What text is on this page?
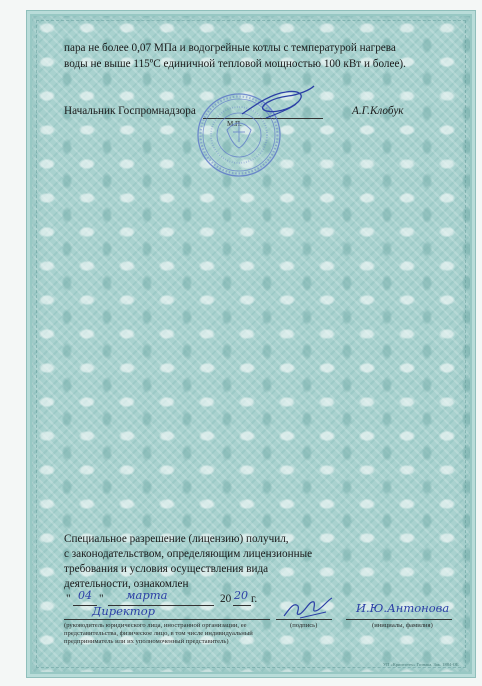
пара не более 0,07 МПа и водогрейные котлы с температурой нагрева
воды не выше 115ºС единичной тепловой мощностью 100 кВт и более).
Начальник Госпромнадзора	А.Г.Клобук
М.П.
Специальное разрешение (лицензию) получил,
с законодательством, определяющим лицензионные
требования и условия осуществления вида
деятельности, ознакомлен
" 04 " марта	20 20 г.
Директор	И.Ю.Антонова
(руководитель юридического лица, иностранной организации, ее
представительства, физическое лицо, в том числе индивидуальный
предприниматель или их уполномоченный представитель)
(подпись)	(инициалы, фамилия)
УП «Криптотех» Гознака. Зак. 1884-ОБ
